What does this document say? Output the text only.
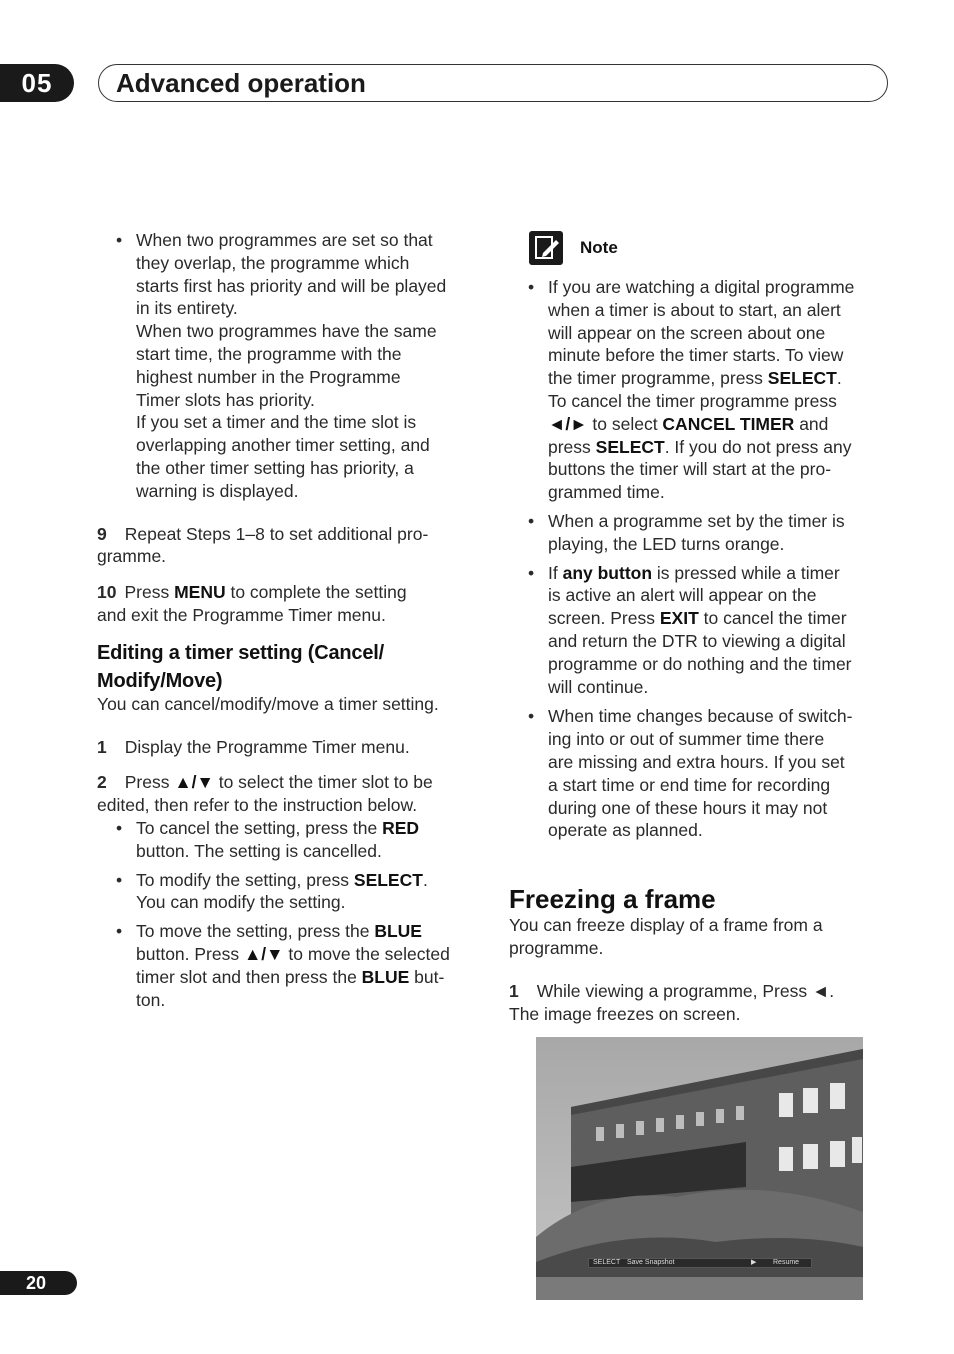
05	Advanced operation
• When two programmes are set so that

they overlap, the programme which

starts first has priority and will be played

in its entirety.

When two programmes have the same

start time, the programme with the

highest number in the Programme

Timer slots has priority.

If you set a timer and the time slot is

overlapping another timer setting, and

the other timer setting has priority, a

warning is displayed.

9 Repeat Steps 1–8 to set additional pro-

gramme.

10 Press MENU to complete the setting

and exit the Programme Timer menu.

Editing a timer setting (Cancel/

Modify/Move)

You can cancel/modify/move a timer setting.

1 Display the Programme Timer menu.

2 Press ▲/▼ to select the timer slot to be

edited, then refer to the instruction below.

• To cancel the setting, press the RED

button. The setting is cancelled.

• To modify the setting, press SELECT.

You can modify the setting.

• To move the setting, press the BLUE

button. Press ▲/▼ to move the selected

timer slot and then press the BLUE but-

ton.

Note
• If you are watching a digital programme

when a timer is about to start, an alert

will appear on the screen about one

minute before the timer starts. To view

the timer programme, press SELECT.

To cancel the timer programme press

◄/► to select CANCEL TIMER and

press SELECT. If you do not press any

buttons the timer will start at the pro-

grammed time.

• When a programme set by the timer is

playing, the LED turns orange.

• If any button is pressed while a timer

is active an alert will appear on the

screen. Press EXIT to cancel the timer

and return the DTR to viewing a digital

programme or do nothing and the timer

will continue.

• When time changes because of switch-

ing into or out of summer time there

are missing and extra hours. If you set

a start time or end time for recording

during one of these hours it may not

operate as planned.

Freezing a frame

You can freeze display of a frame from a

programme.

1 While viewing a programme, Press ◄.

The image freezes on screen.

SELECT Save Snapshot	▶ Resume
20
